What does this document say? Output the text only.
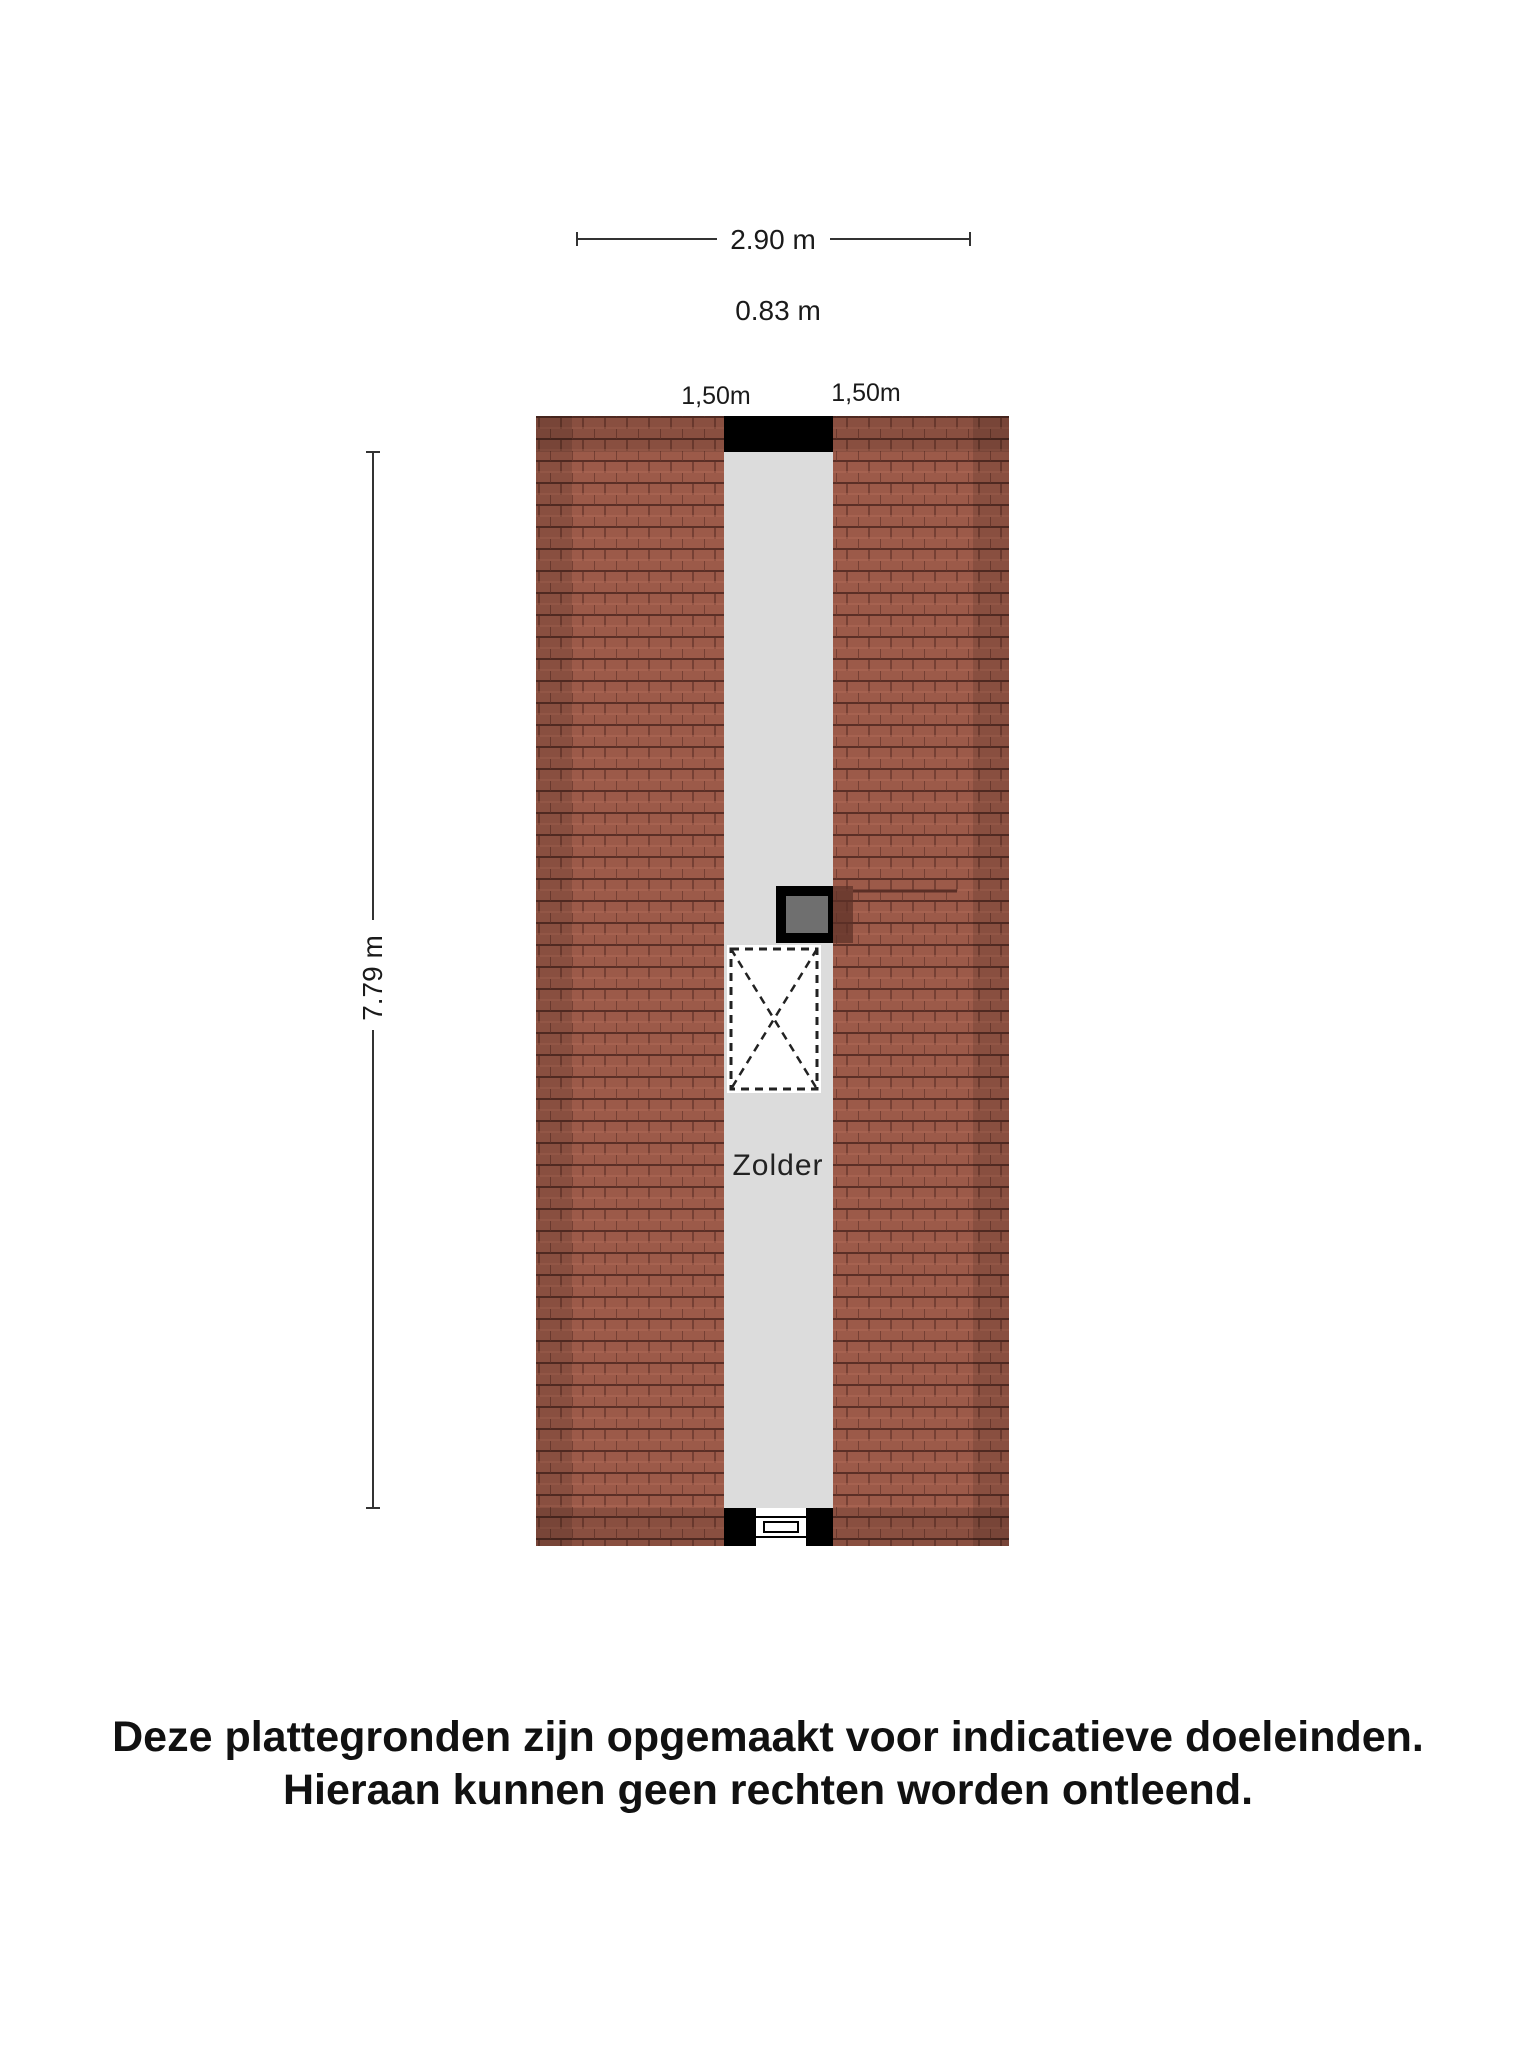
2.90 m
0.83 m
1,50m	1,50m
7.79 m
Zolder
Deze plattegronden zijn opgemaakt voor indicatieve doeleinden.
Hieraan kunnen geen rechten worden ontleend.
